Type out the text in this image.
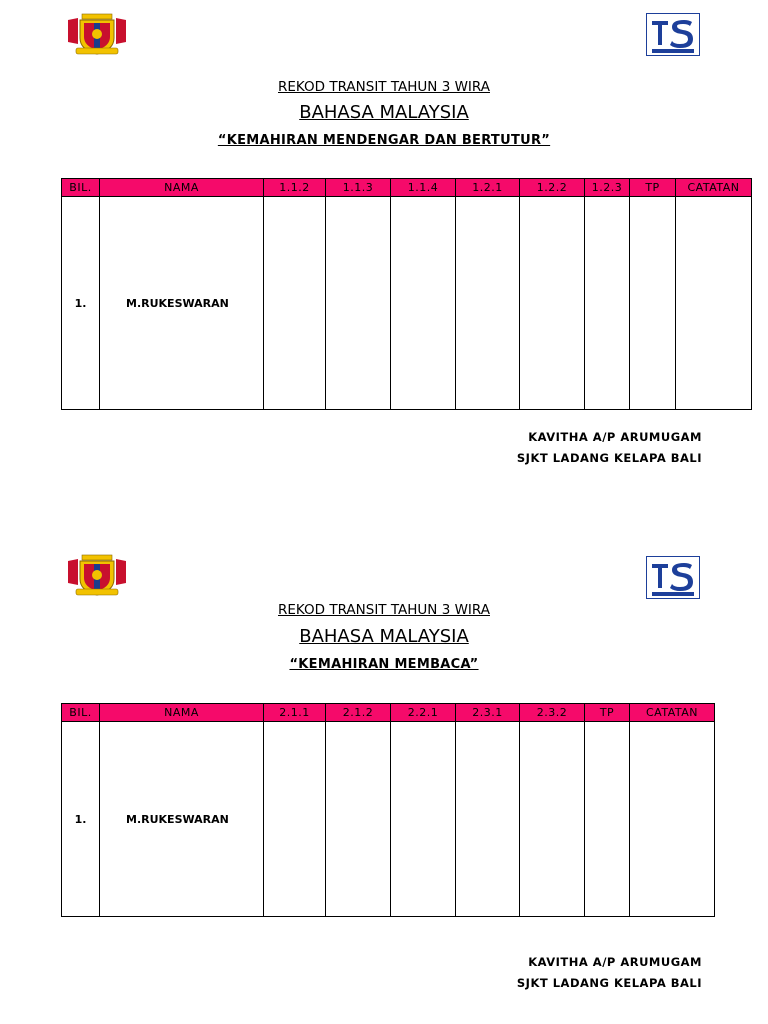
REKOD TRANSIT TAHUN 3 WIRA
BAHASA MALAYSIA
“KEMAHIRAN MENDENGAR DAN BERTUTUR”
BIL.	NAMA	1.1.2	1.1.3	1.1.4	1.2.1	1.2.2	1.2.3	TP	CATATAN
1.	M.RUKESWARAN								
KAVITHA A/P ARUMUGAM
SJKT LADANG KELAPA BALI
REKOD TRANSIT TAHUN 3 WIRA
BAHASA MALAYSIA
“KEMAHIRAN MEMBACA”
BIL.	NAMA	2.1.1	2.1.2	2.2.1	2.3.1	2.3.2	TP	CATATAN
1.	M.RUKESWARAN							
KAVITHA A/P ARUMUGAM
SJKT LADANG KELAPA BALI
